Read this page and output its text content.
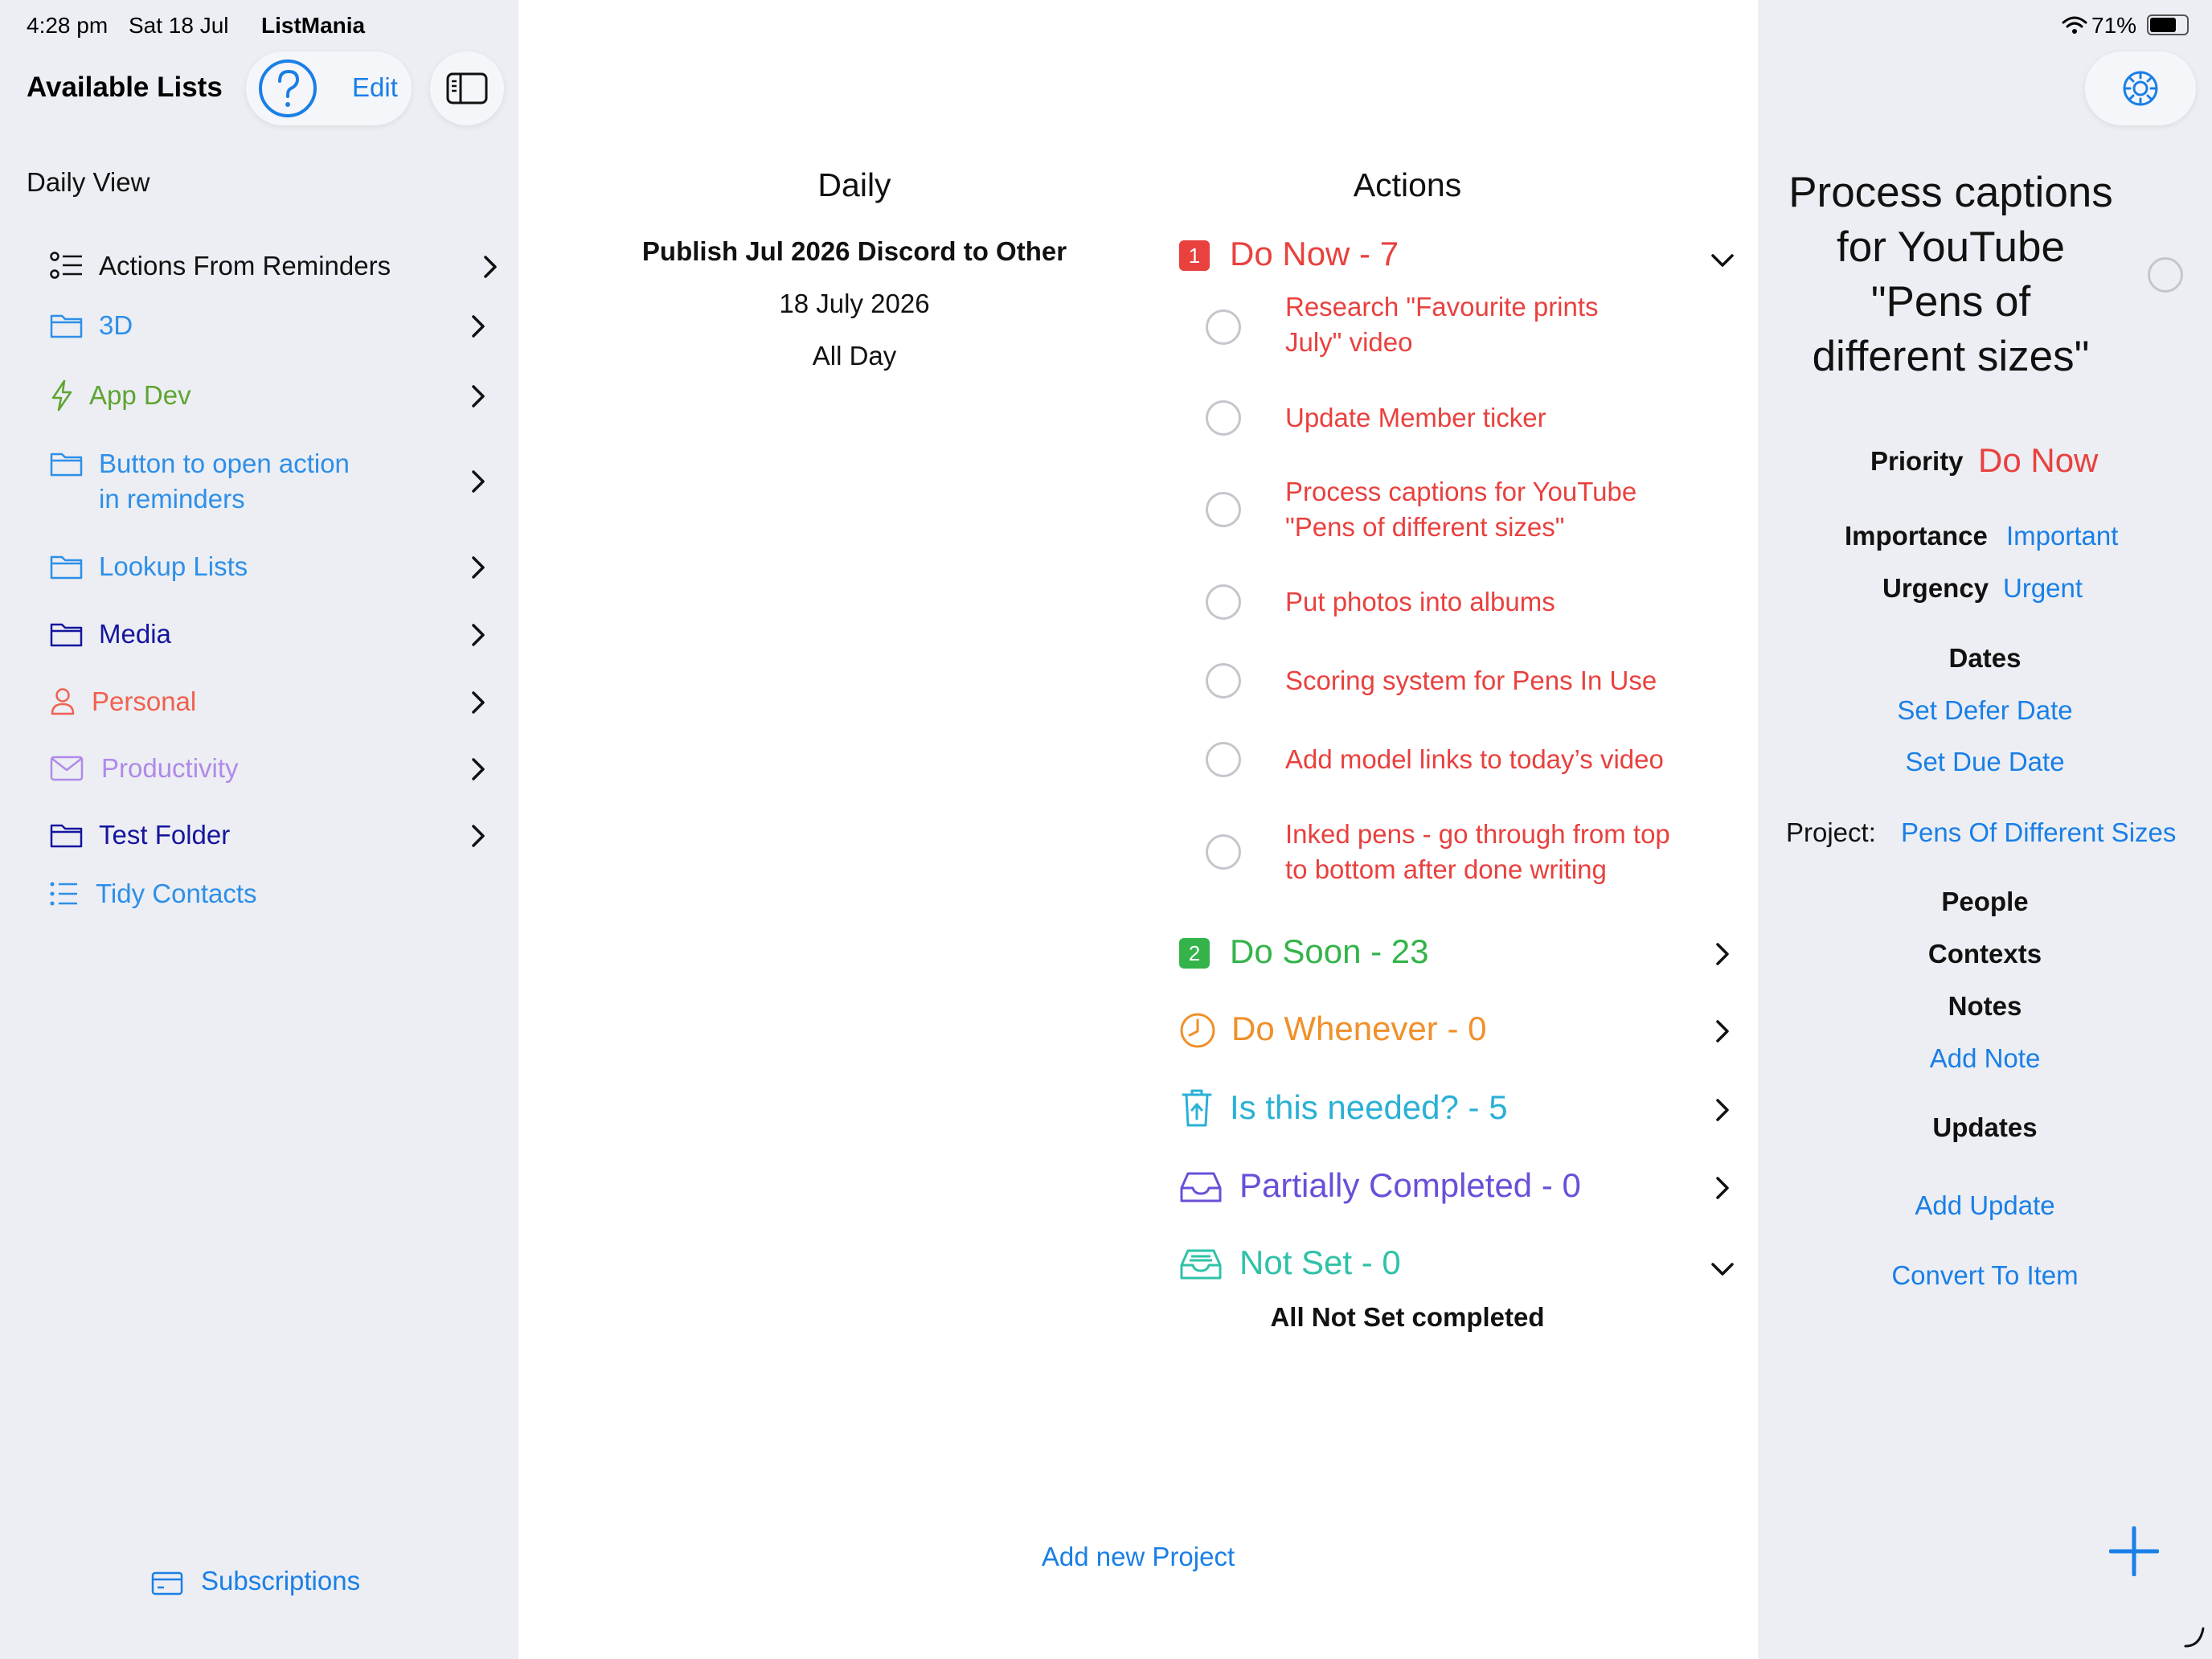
4:28 pm Sat 18 Jul ListMania
Available Lists	Edit
Daily View
Actions From Reminders
3D
App Dev
Button to open action
in reminders
Lookup Lists
Media
Personal
Productivity
Test Folder
Tidy Contacts
Subscriptions
Daily
Publish Jul 2026 Discord to Other
18 July 2026
All Day
Actions
1 Do Now - 7
Research "Favourite prints
July" video
Update Member ticker
Process captions for YouTube
"Pens of different sizes"
Put photos into albums
Scoring system for Pens In Use
Add model links to today’s video
Inked pens - go through from top
to bottom after done writing
2 Do Soon - 23
Do Whenever - 0
Is this needed? - 5
Partially Completed - 0
Not Set - 0
All Not Set completed
Add new Project
71%
Process captions
for YouTube
"Pens of
different sizes"
Priority Do Now
Importance Important
Urgency Urgent
Dates
Set Defer Date
Set Due Date
Project: Pens Of Different Sizes
People
Contexts
Notes
Add Note
Updates
Add Update
Convert To Item
